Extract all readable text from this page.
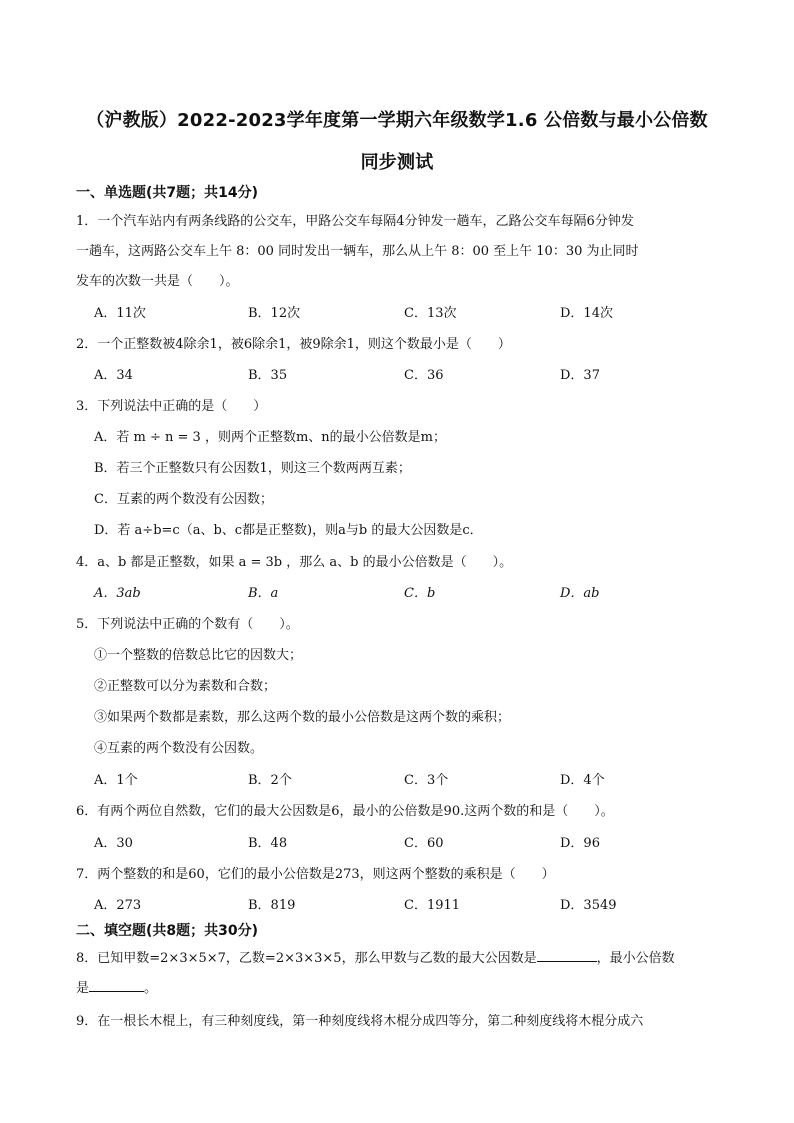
（沪教版）2022-2023学年度第一学期六年级数学1.6 公倍数与最小公倍数
同步测试
一、单选题(共7题；共14分)
1．一个汽车站内有两条线路的公交车，甲路公交车每隔4分钟发一趟车，乙路公交车每隔6分钟发
一趟车，这两路公交车上午 8：00 同时发出一辆车，那么从上午 8：00 至上午 10：30 为止同时
发车的次数一共是（　　）。
A．11次	B．12次	C．13次	D．14次
2．一个正整数被4除余1，被6除余1，被9除余1，则这个数最小是（　　）
A．34	B．35	C．36	D．37
3．下列说法中正确的是（　　）
A．若 m ÷ n = 3 ，则两个正整数m、n的最小公倍数是m；
B．若三个正整数只有公因数1，则这三个数两两互素；
C．互素的两个数没有公因数；
D．若 a÷b=c（a、b、c都是正整数)，则a与b 的最大公因数是c．
4．a、b 都是正整数，如果 a = 3b ，那么 a、b 的最小公倍数是（　　）。
A．3ab	B．a	C．b	D．ab
5．下列说法中正确的个数有（　　）。
①一个整数的倍数总比它的因数大；
②正整数可以分为素数和合数；
③如果两个数都是素数，那么这两个数的最小公倍数是这两个数的乘积；
④互素的两个数没有公因数。
A．1个	B．2个	C．3个	D．4个
6．有两个两位自然数，它们的最大公因数是6，最小的公倍数是90.这两个数的和是（　　）。
A．30	B．48	C．60	D．96
7．两个整数的和是60，它们的最小公倍数是273，则这两个整数的乘积是（　　）
A．273	B．819	C．1911	D．3549
二、填空题(共8题；共30分)
8．已知甲数=2×3×5×7，乙数=2×3×3×5，那么甲数与乙数的最大公因数是	，最小公倍数
是	。
9．在一根长木棍上，有三种刻度线，第一种刻度线将木棍分成四等分，第二种刻度线将木棍分成六
